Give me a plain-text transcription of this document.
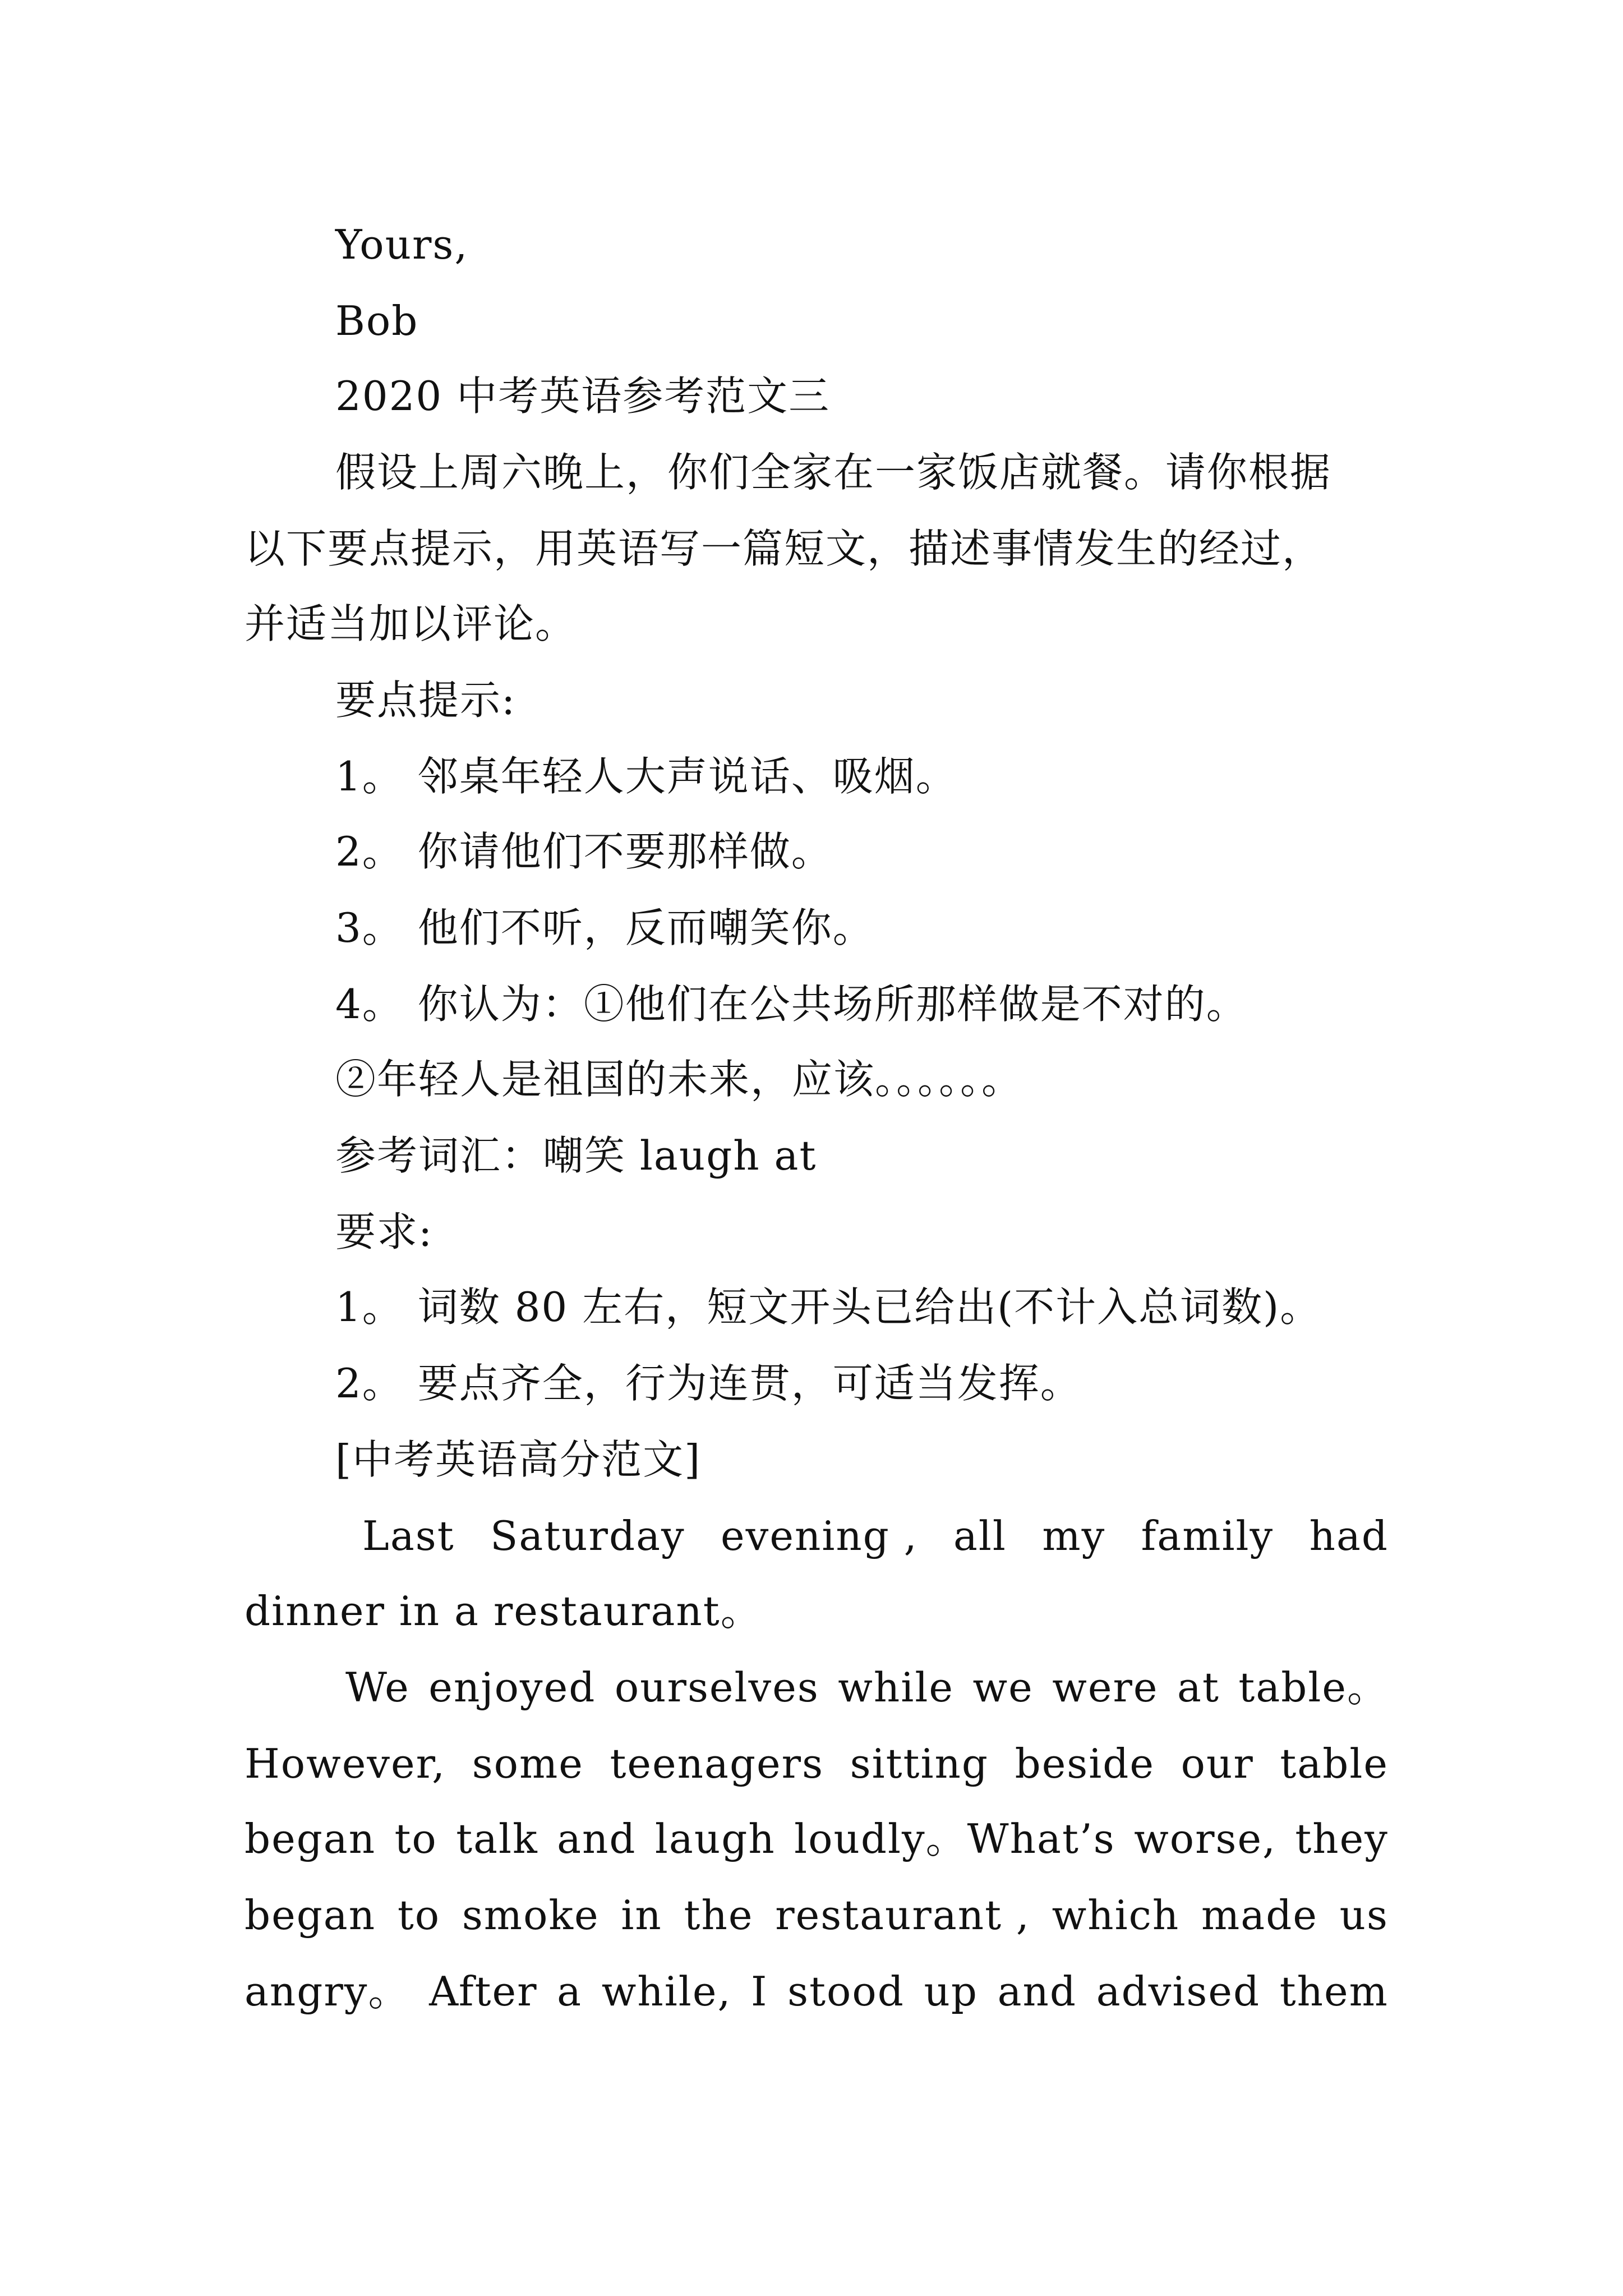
Yours,
Bob
2020 中考英语参考范文三
假设上周六晚上，你们全家在一家饭店就餐。请你根据
以下要点提示，用英语写一篇短文，描述事情发生的经过，
并适当加以评论。
要点提示:
1。 邻桌年轻人大声说话、吸烟。
2。 你请他们不要那样做。
3。 他们不听，反而嘲笑你。
4。 你认为：①他们在公共场所那样做是不对的。
②年轻人是祖国的未来，应该。。。。。。
参考词汇：嘲笑 laugh at
要求:
1。 词数 80 左右，短文开头已给出(不计入总词数)。
2。 要点齐全，行为连贯，可适当发挥。
[中考英语高分范文]
Last Saturday evening , all my family had
dinner in a restaurant。
We enjoyed ourselves while we were at table。
However, some teenagers sitting beside our table
began to talk and laugh loudly。What’s worse, they
began to smoke in the restaurant , which made us
angry。 After a while, I stood up and advised them
